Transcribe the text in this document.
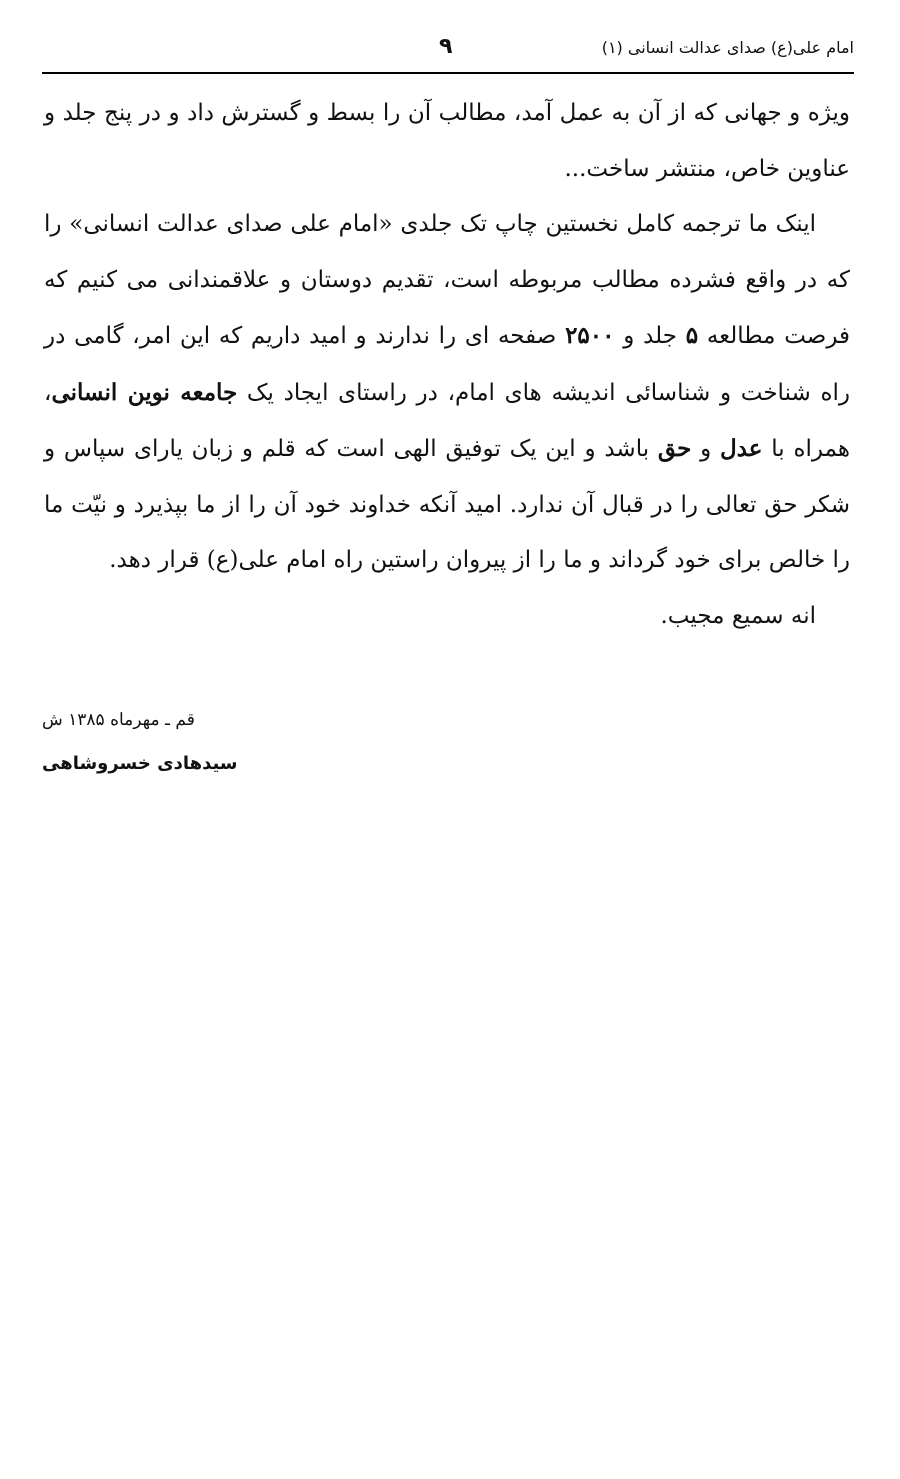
امام علی(ع) صدای عدالت انسانی (۱)
۹

ویژه و جهانی که از آن به عمل آمد، مطالب آن را بسط و گسترش داد و در پنج جلد و عناوین خاص، منتشر ساخت...

اینک ما ترجمه کامل نخستین چاپ تک جلدی «امام علی صدای عدالت انسانی» را که در واقع فشرده مطالب مربوطه است، تقدیم دوستان و علاقمندانی می کنیم که فرصت مطالعه ۵ جلد و ۲۵۰۰ صفحه ای را ندارند و امید داریم که این امر، گامی در راه شناخت و شناسائی اندیشه های امام، در راستای ایجاد یک جامعه نوین انسانی، همراه با عدل و حق باشد و این یک توفیق الهی است که قلم و زبان یارای سپاس و شکر حق تعالی را در قبال آن ندارد. امید آنکه خداوند خود آن را از ما بپذیرد و نیّت ما را خالص برای خود گرداند و ما را از پیروان راستین راه امام علی(ع) قرار دهد.

انه سمیع مجیب.

قم ـ مهرماه ۱۳۸۵ ش
سیدهادی خسروشاهی
